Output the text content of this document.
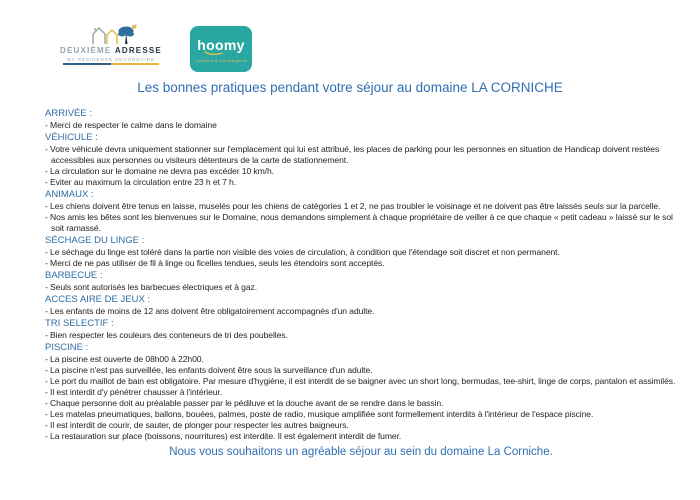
DEUXIÈME ADRESSE
MA RÉSIDENCE SECONDAIRE
hoomy
Location & Conciergerie
Les bonnes pratiques pendant votre séjour au domaine LA CORNICHE
ARRIVÉE :
- Merci de respecter le calme dans le domaine
VÉHICULE :
- Votre véhicule devra uniquement stationner sur l'emplacement qui lui est attribué, les places de parking pour les personnes en situation de Handicap doivent restées accessibles aux personnes ou visiteurs détenteurs de la carte de stationnement.
- La circulation sur le domaine ne devra pas excéder 10 km/h.
- Eviter au maximum la circulation entre 23 h et 7 h.
ANIMAUX :
- Les chiens doivent être tenus en laisse, muselés pour les chiens de catégories 1 et 2, ne pas troubler le voisinage et ne doivent pas être laissés seuls sur la parcelle.
- Nos amis les bêtes sont les bienvenues sur le Domaine, nous demandons simplement à chaque propriétaire de veiller à ce que chaque « petit cadeau » laissé sur le sol soit ramassé.
SÉCHAGE DU LINGE :
- Le séchage du linge est toléré dans la partie non visible des voies de circulation, à condition que l'étendage soit discret et non permanent.
- Merci de ne pas utiliser de fil à linge ou ficelles tendues, seuls les étendoirs sont acceptés.
BARBECUE :
- Seuls sont autorisés les barbecues électriques et à gaz.
ACCES AIRE DE JEUX :
- Les enfants de moins de 12 ans doivent être obligatoirement accompagnés d'un adulte.
TRI SELECTIF :
- Bien respecter les couleurs des conteneurs de tri des poubelles.
PISCINE :
- La piscine est ouverte de 08h00 à 22h00.
- La piscine n'est pas surveillée, les enfants doivent être sous la surveillance d'un adulte.
- Le port du maillot de bain est obligatoire. Par mesure d'hygiène, il est interdit de se baigner avec un short long, bermudas, tee-shirt, linge de corps, pantalon et assimilés.
- Il est interdit d'y pénétrer chausser à l'intérieur.
- Chaque personne doit au préalable passer par le pédiluve et la douche avant de se rendre dans le bassin.
- Les matelas pneumatiques, ballons, bouées, palmes, poste de radio, musique amplifiée sont formellement interdits à l'intérieur de l'espace piscine.
- Il est interdit de courir, de sauter, de plonger pour respecter les autres baigneurs.
- La restauration sur place (boissons, nourritures) est interdite. Il est également interdit de fumer.
Nous vous souhaitons un agréable séjour au sein du domaine La Corniche.
